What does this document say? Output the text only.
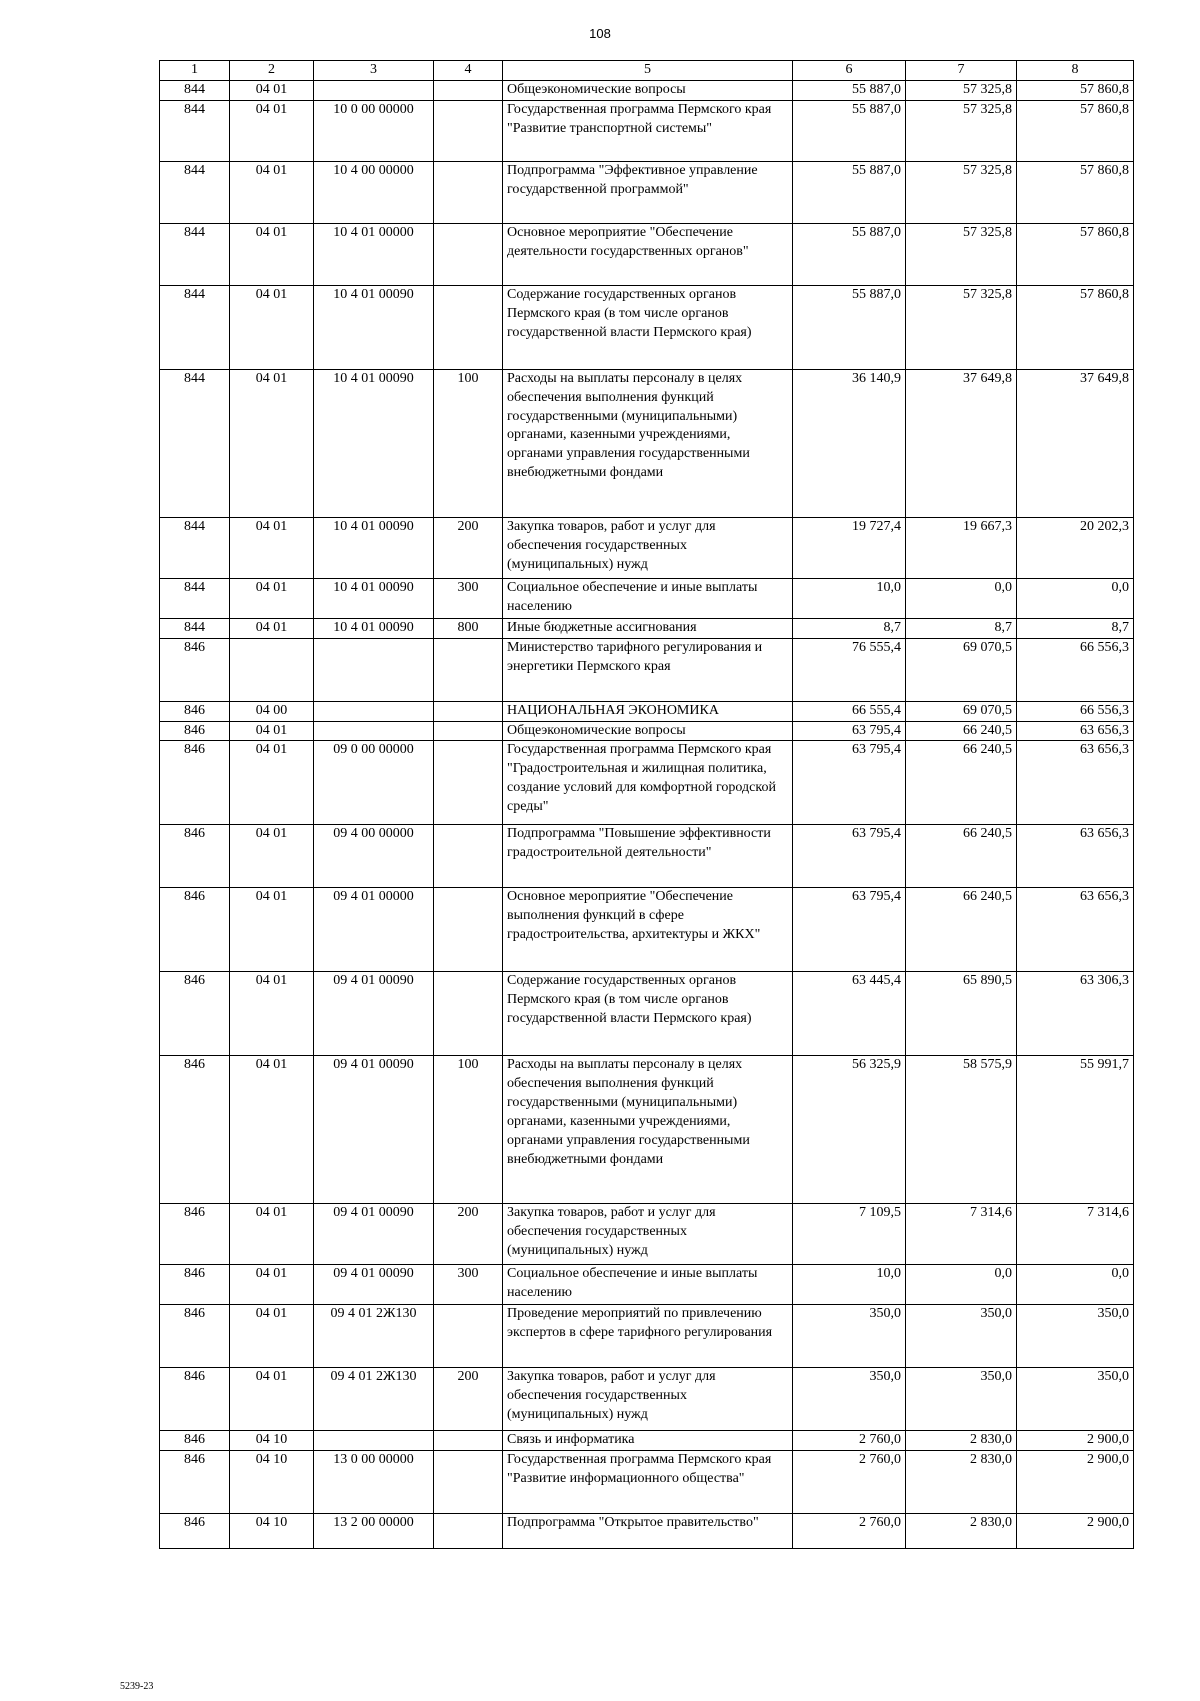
108
1	2	3	4	5	6	7	8
844	04 01			Общеэкономические вопросы	55 887,0	57 325,8	57 860,8
844	04 01	10 0 00 00000		Государственная программа Пермского края "Развитие транспортной системы"	55 887,0	57 325,8	57 860,8
844	04 01	10 4 00 00000		Подпрограмма "Эффективное управление государственной программой"	55 887,0	57 325,8	57 860,8
844	04 01	10 4 01 00000		Основное мероприятие "Обеспечение деятельности государственных органов"	55 887,0	57 325,8	57 860,8
844	04 01	10 4 01 00090		Содержание государственных органов Пермского края (в том числе органов государственной власти Пермского края)	55 887,0	57 325,8	57 860,8
844	04 01	10 4 01 00090	100	Расходы на выплаты персоналу в целях обеспечения выполнения функций государственными (муниципальными) органами, казенными учреждениями, органами управления государственными внебюджетными фондами	36 140,9	37 649,8	37 649,8
844	04 01	10 4 01 00090	200	Закупка товаров, работ и услуг для обеспечения государственных (муниципальных) нужд	19 727,4	19 667,3	20 202,3
844	04 01	10 4 01 00090	300	Социальное обеспечение и иные выплаты населению	10,0	0,0	0,0
844	04 01	10 4 01 00090	800	Иные бюджетные ассигнования	8,7	8,7	8,7
846				Министерство тарифного регулирования и энергетики Пермского края	76 555,4	69 070,5	66 556,3
846	04 00			НАЦИОНАЛЬНАЯ ЭКОНОМИКА	66 555,4	69 070,5	66 556,3
846	04 01			Общеэкономические вопросы	63 795,4	66 240,5	63 656,3
846	04 01	09 0 00 00000		Государственная программа Пермского края "Градостроительная и жилищная политика, создание условий для комфортной городской среды"	63 795,4	66 240,5	63 656,3
846	04 01	09 4 00 00000		Подпрограмма "Повышение эффективности градостроительной деятельности"	63 795,4	66 240,5	63 656,3
846	04 01	09 4 01 00000		Основное мероприятие "Обеспечение выполнения функций в сфере градостроительства, архитектуры и ЖКХ"	63 795,4	66 240,5	63 656,3
846	04 01	09 4 01 00090		Содержание государственных органов Пермского края (в том числе органов государственной власти Пермского края)	63 445,4	65 890,5	63 306,3
846	04 01	09 4 01 00090	100	Расходы на выплаты персоналу в целях обеспечения выполнения функций государственными (муниципальными) органами, казенными учреждениями, органами управления государственными внебюджетными фондами	56 325,9	58 575,9	55 991,7
846	04 01	09 4 01 00090	200	Закупка товаров, работ и услуг для обеспечения государственных (муниципальных) нужд	7 109,5	7 314,6	7 314,6
846	04 01	09 4 01 00090	300	Социальное обеспечение и иные выплаты населению	10,0	0,0	0,0
846	04 01	09 4 01 2Ж130		Проведение мероприятий по привлечению экспертов в сфере тарифного регулирования	350,0	350,0	350,0
846	04 01	09 4 01 2Ж130	200	Закупка товаров, работ и услуг для обеспечения государственных (муниципальных) нужд	350,0	350,0	350,0
846	04 10			Связь и информатика	2 760,0	2 830,0	2 900,0
846	04 10	13 0 00 00000		Государственная программа Пермского края "Развитие информационного общества"	2 760,0	2 830,0	2 900,0
846	04 10	13 2 00 00000		Подпрограмма "Открытое правительство"	2 760,0	2 830,0	2 900,0
5239-23
